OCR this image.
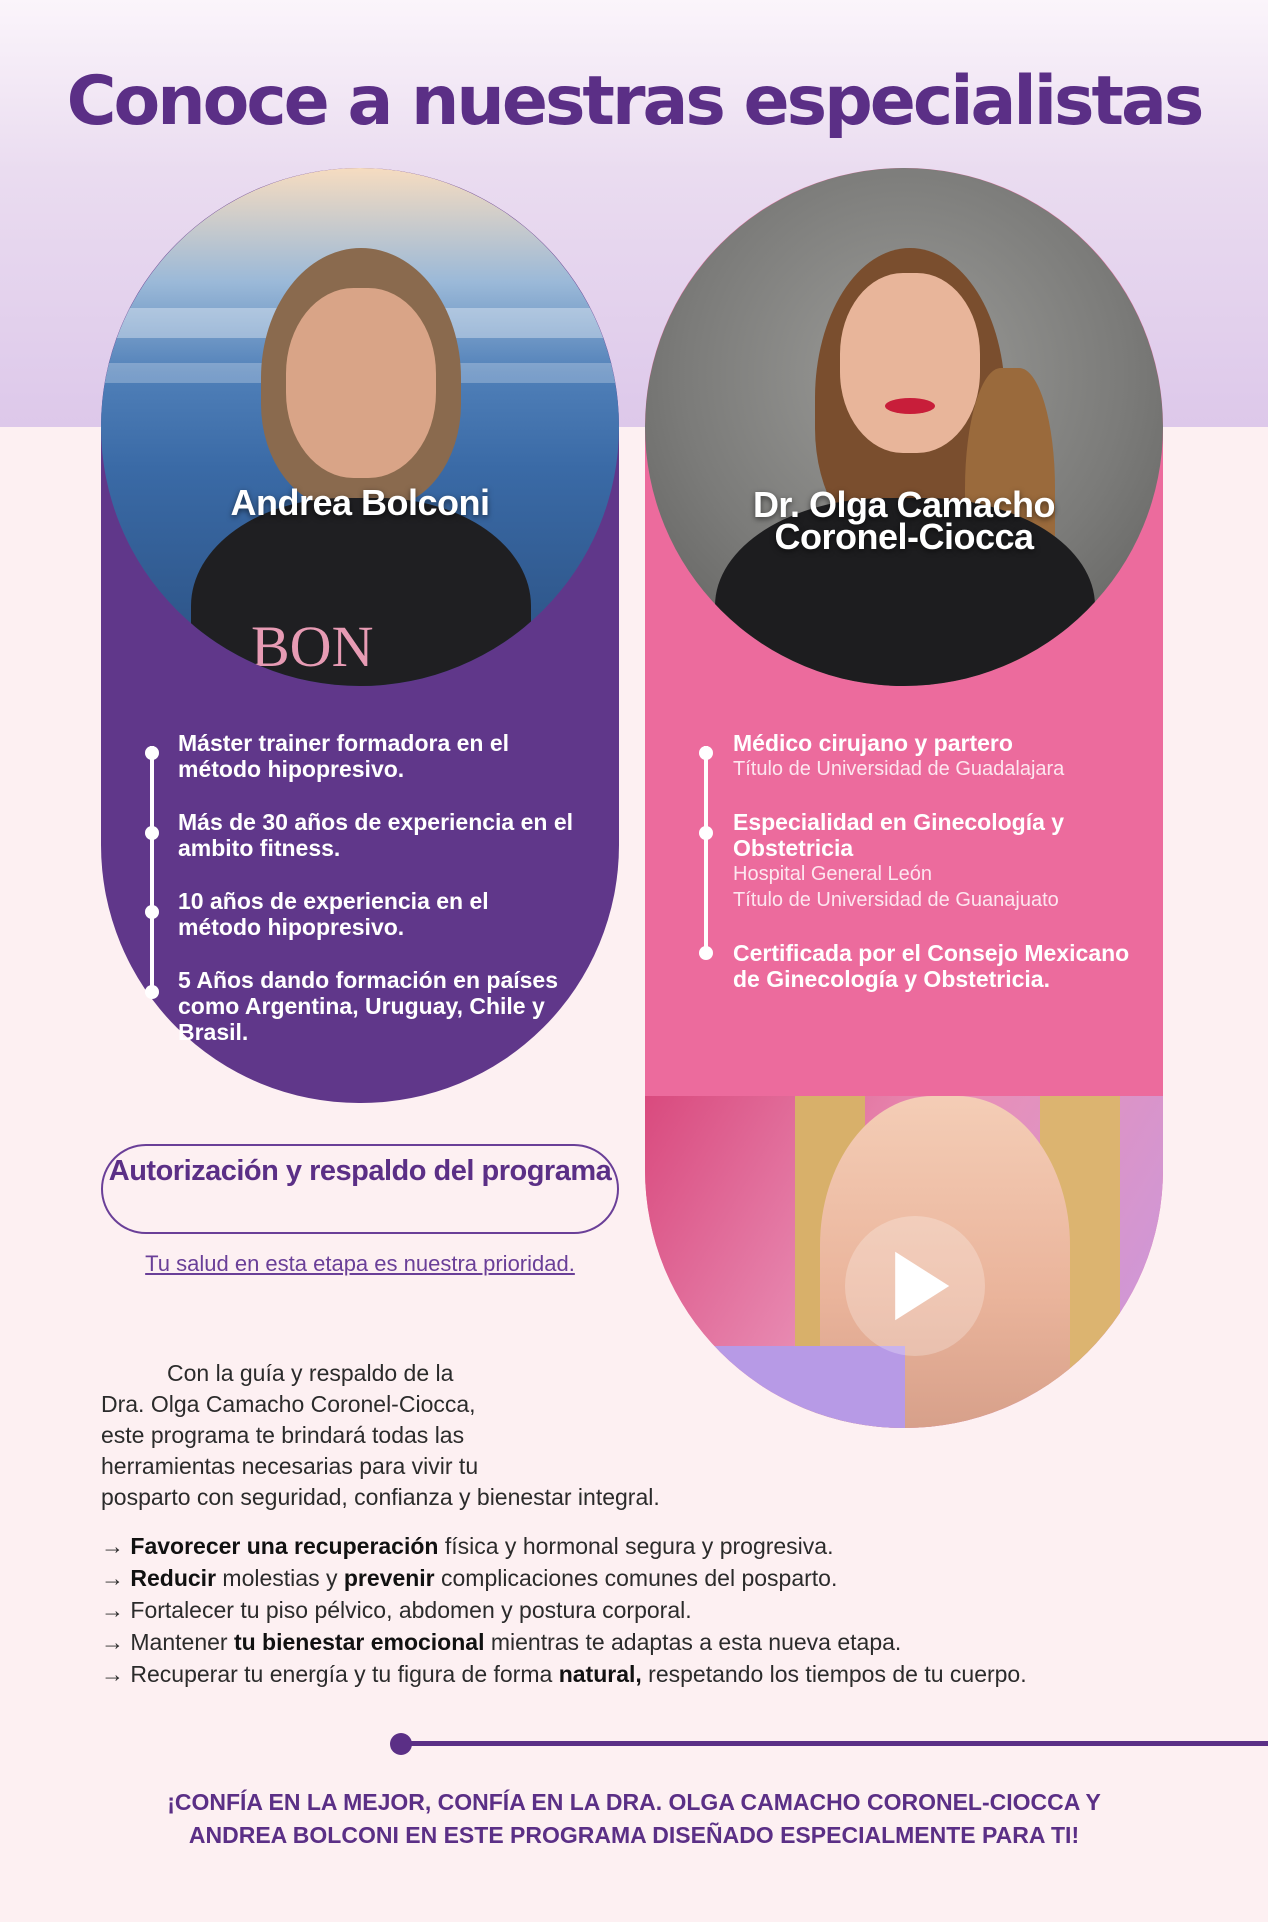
Conoce a nuestras especialistas
BON
Andrea Bolconi
Máster trainer formadora en el método hipopresivo.
Más de 30 años de experiencia en el ambito fitness.
10 años de experiencia en el método hipopresivo.
5 Años dando formación en países como Argentina, Uruguay, Chile y Brasil.
Dr. Olga Camacho
Coronel-Ciocca
Médico cirujano y partero
Título de Universidad de Guadalajara
Especialidad en Ginecología y Obstetricia
Hospital General León
Título de Universidad de Guanajuato
Certificada por el Consejo Mexicano de Ginecología y Obstetricia.
Autorización y respaldo del programa
Tu salud en esta etapa es nuestra prioridad.
Con la guía y respaldo de la
Dra. Olga Camacho Coronel-Ciocca,
este programa te brindará todas las
herramientas necesarias para vivir tu
posparto con seguridad, confianza y bienestar integral.
→ Favorecer una recuperación física y hormonal segura y progresiva.
→ Reducir molestias y prevenir complicaciones comunes del posparto.
→ Fortalecer tu piso pélvico, abdomen y postura corporal.
→ Mantener tu bienestar emocional mientras te adaptas a esta nueva etapa.
→ Recuperar tu energía y tu figura de forma natural, respetando los tiempos de tu cuerpo.
¡CONFÍA EN LA MEJOR, CONFÍA EN LA DRA. OLGA CAMACHO CORONEL-CIOCCA Y
ANDREA BOLCONI EN ESTE PROGRAMA DISEÑADO ESPECIALMENTE PARA TI!
